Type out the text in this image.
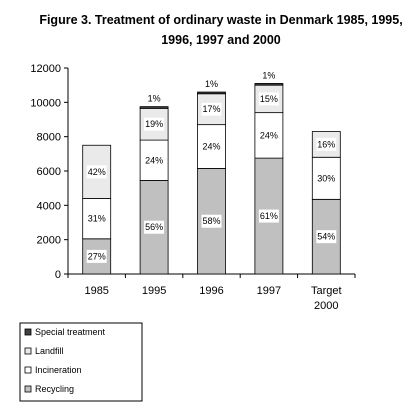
Figure 3. Treatment of ordinary waste in Denmark 1985, 1995,
1996, 1997 and 2000
0
2000
4000
6000
8000
10000
12000
27%
31%
42%
1985
56%
24%
19%
1%
1995
58%
24%
17%
1%
1996
61%
24%
15%
1%
1997
54%
30%
16%
Target
2000
Special treatment
Landfill
Incineration
Recycling
